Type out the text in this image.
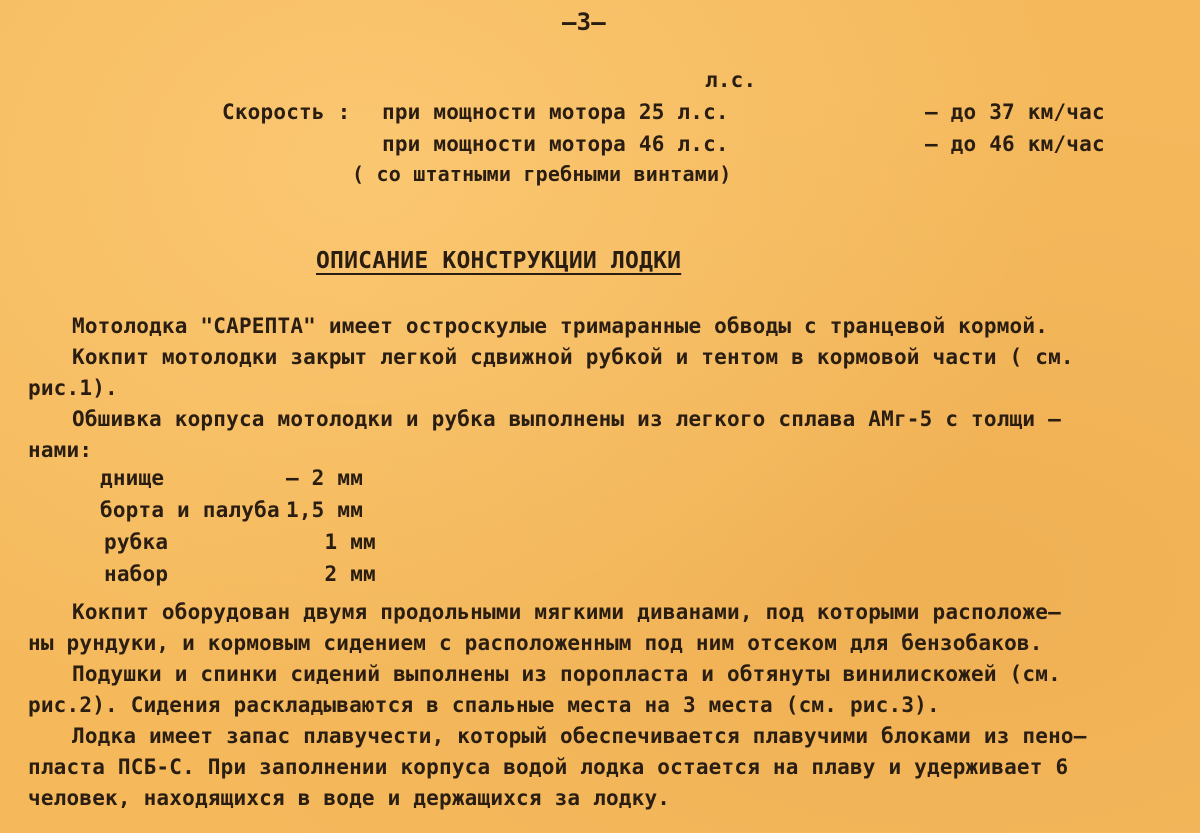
–3–
л.с.
Скорость : при мощности мотора 25 л.с.	– до 37 км/час
при мощности мотора 46 л.с.	– до 46 км/час
( со штатными гребными винтами)
ОПИСАНИЕ КОНСТРУКЦИИ ЛОДКИ
Мотолодка "САРЕПТА" имеет остроскулые тримаранные обводы с транцевой кормой.
Кокпит мотолодки закрыт легкой сдвижной рубкой и тентом в кормовой части ( см.
рис.1).
Обшивка корпуса мотолодки и рубка выполнены из легкого сплава АМг-5 с толщи –
нами:
днище	– 2 мм
борта и палуба 1,5 мм
рубка	1 мм
набор	2 мм
Кокпит оборудован двумя продольными мягкими диванами, под которыми расположе–
ны рундуки, и кормовым сидением с расположенным под ним отсеком для бензобаков.
Подушки и спинки сидений выполнены из поропласта и обтянуты винилискожей (см.
рис.2). Сидения раскладываются в спальные места на 3 места (см. рис.3).
Лодка имеет запас плавучести, который обеспечивается плавучими блоками из пено–
пласта ПСБ-С. При заполнении корпуса водой лодка остается на плаву и удерживает 6
человек, находящихся в воде и держащихся за лодку.
